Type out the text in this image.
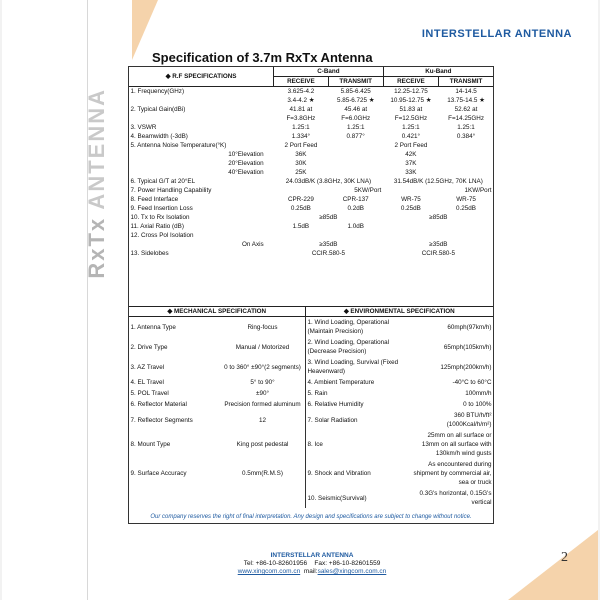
RxTx ANTENNA
INTERSTELLAR ANTENNA
Specification of 3.7m RxTx Antenna
◆ R.F SPECIFICATIONS	C-Band		Ku-Band	
	RECEIVE	TRANSMIT	RECEIVE	TRANSMIT
1. Frequency(GHz)	3.625-4.2	5.85-6.425	12.25-12.75	14-14.5
	3.4-4.2 ★	5.85-6.725 ★	10.95-12.75 ★	13.75-14.5 ★
2. Typical Gain(dBi)	41.81 at	45.46 at	51.83 at	52.62 at
	F=3.8GHz	F=6.0GHz	F=12.5GHz	F=14.25GHz
3. VSWR	1.25:1	1.25:1	1.25:1	1.25:1
4. Beamwidth (-3dB)	1.334°	0.877°	0.421°	0.384°
5. Antenna Noise Temperature(°K)	2 Port Feed		2 Port Feed	
10°Elevation	36K		42K	
20°Elevation	30K		37K	
40°Elevation	25K		33K	
6. Typical G/T at 20°EL	24.03dB/K (3.8GHz, 30K LNA)		31.54dB/K (12.5GHz, 70K LNA)	
7. Power Handling Capability	5KW/Port		1KW/Port	
8. Feed Interface	CPR-229	CPR-137	WR-75	WR-75
9. Feed Insertion Loss	0.25dB	0.2dB	0.25dB	0.25dB
10. Tx to Rx Isolation	≥85dB		≥85dB	
11. Axial Ratio (dB)	1.5dB	1.0dB		
12. Cross Pol Isolation				
On Axis	≥35dB		≥35dB	
13. Sidelobes	CCIR.580-5		CCIR.580-5	
◆ MECHANICAL SPECIFICATION		◆ ENVIRONMENTAL SPECIFICATION	
1. Antenna Type	Ring-focus	1. Wind Loading, Operational (Maintain Precision)	60mph(97km/h)
2. Drive Type	Manual / Motorized	2. Wind Loading, Operational (Decrease Precision)	65mph(105km/h)
3. AZ Travel	0 to 360° ±90°(2 segments)	3. Wind Loading, Survival (Fixed Heavenward)	125mph(200km/h)
4. EL Travel	5° to 90°	4. Ambient Temperature	-40°C to 60°C
5. POL Travel	±90°	5. Rain	100mm/h
6. Reflector Material	Precision formed aluminum	6. Relative Humidity	0 to 100%
7. Reflector Segments	12	7. Solar Radiation	360 BTU/h/ft² (1000Kcal/h/m²)
8. Mount Type	King post pedestal	8. Ice	25mm on all surface or 13mm on all surface with 130km/h wind gusts
9. Surface Accuracy	0.5mm(R.M.S)	9. Shock and Vibration	As encountered during shipment by commercial air, sea or truck
		10. Seismic(Survival)	0.3G's horizontal, 0.15G's vertical
Our company reserves the right of final interpretation. Any design and specifications are subject to change without notice.
INTERSTELLAR ANTENNA
Tel: +86-10-82601956 Fax: +86-10-82601559
www.xingcom.com.cn mail:sales@xingcom.com.cn
2
